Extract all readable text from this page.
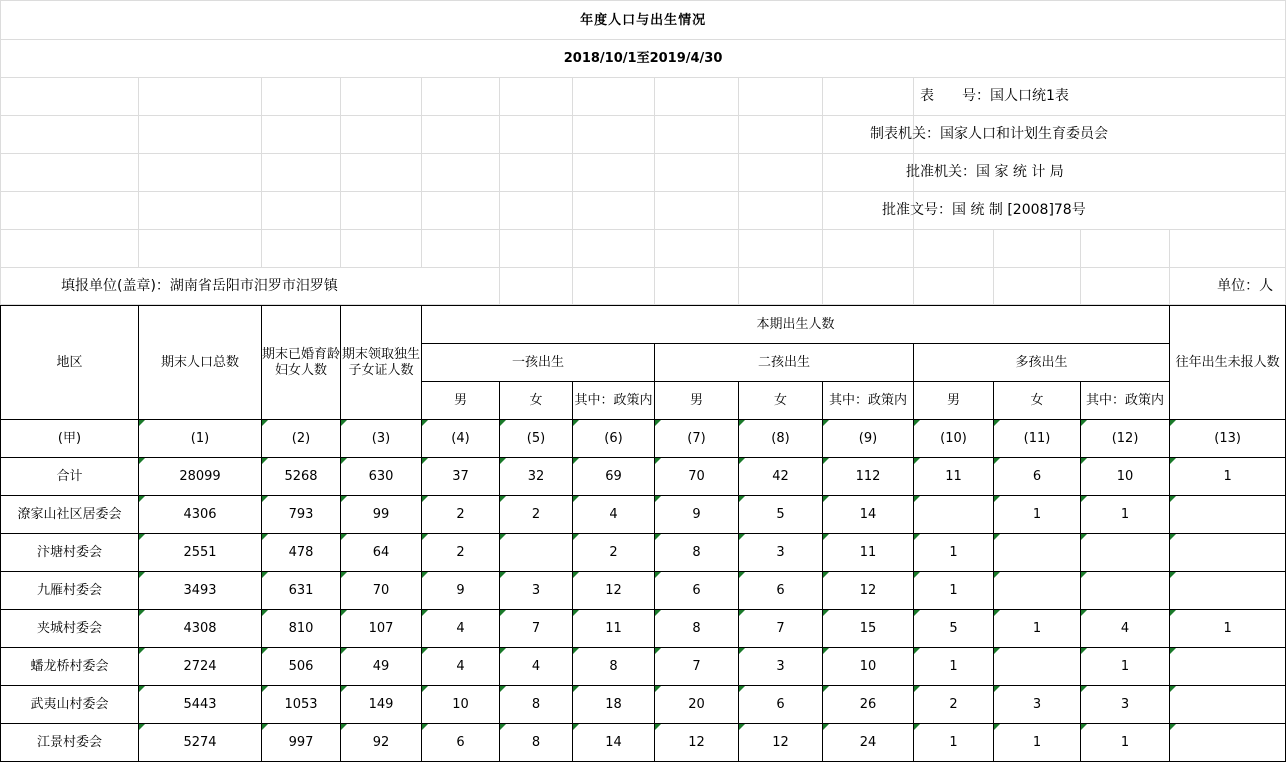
年度人口与出生情况													
2018/10/1至2019/4/30													
										表　　号：国人口统1表			
										制表机关：国家人口和计划生育委员会			
										批准机关：国 家 统 计 局			
										批准文号：国 统 制 [2008]78号			

填报单位(盖章)：湖南省岳阳市汨罗市汨罗镇													单位：人
地区	期末人口总数	期末已婚育龄妇女人数	期末领取独生子女证人数	本期出生人数									往年出生未报人数
				一孩出生			二孩出生			多孩出生			
				男	女	其中：政策内	男	女	其中：政策内	男	女	其中：政策内	
(甲)	(1)	(2)	(3)	(4)	(5)	(6)	(7)	(8)	(9)	(10)	(11)	(12)	(13)
合计	28099	5268	630	37	32	69	70	42	112	11	6	10	1
潦家山社区居委会	4306	793	99	2	2	4	9	5	14		1	1	
汴塘村委会	2551	478	64	2		2	8	3	11	1			
九雁村委会	3493	631	70	9	3	12	6	6	12	1			
夹城村委会	4308	810	107	4	7	11	8	7	15	5	1	4	1
蟠龙桥村委会	2724	506	49	4	4	8	7	3	10	1		1	
武夷山村委会	5443	1053	149	10	8	18	20	6	26	2	3	3	
江景村委会	5274	997	92	6	8	14	12	12	24	1	1	1	
